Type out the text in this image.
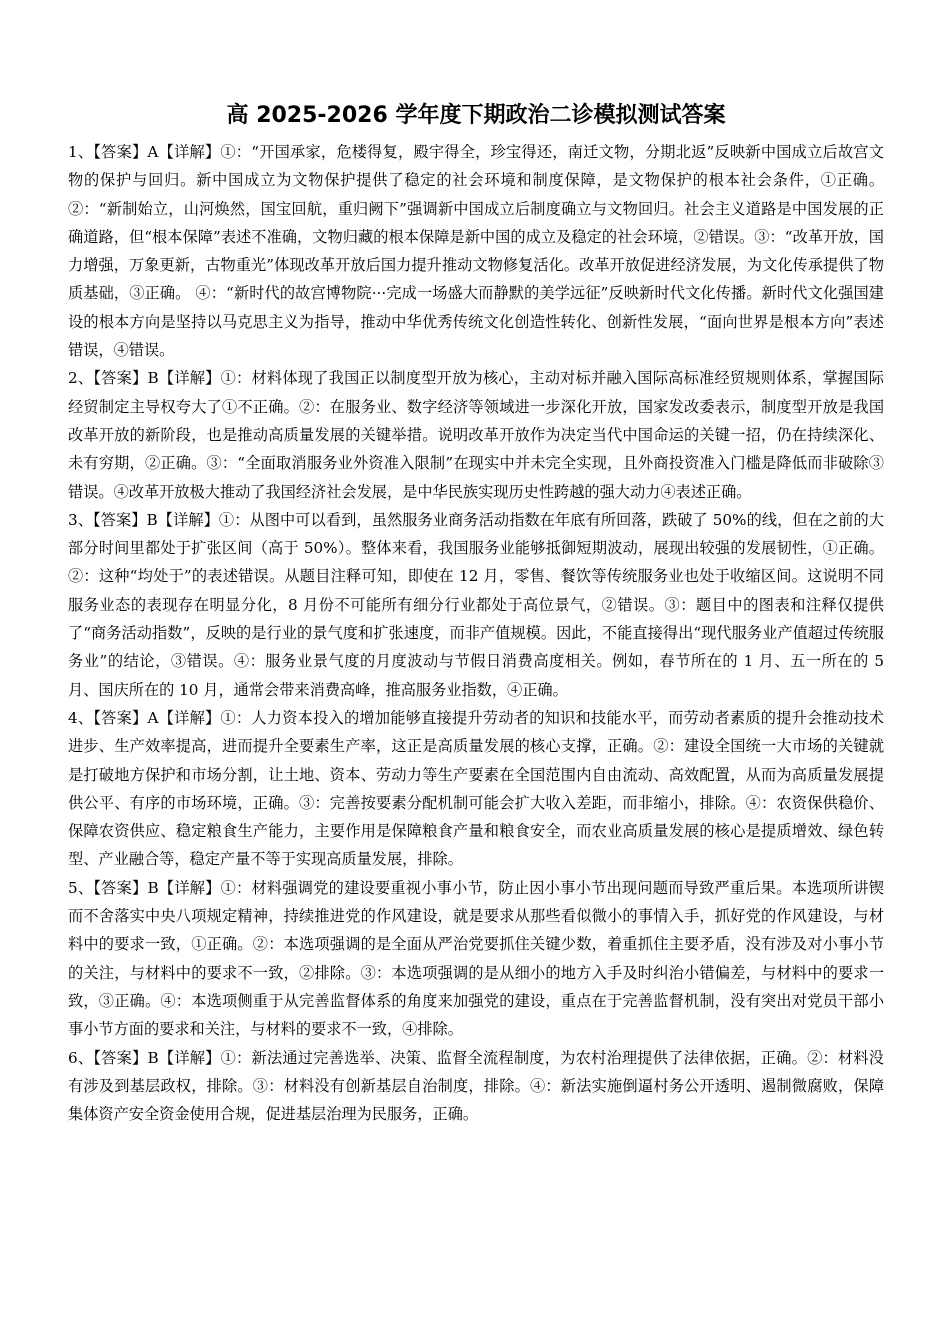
高 2025-2026 学年度下期政治二诊模拟测试答案

1、【答案】A【详解】①：“开国承家，危楼得复，殿宇得全，珍宝得还，南迁文物，分期北返”反映新中国成立后故宫文物的保护与回归。新中国成立为文物保护提供了稳定的社会环境和制度保障，是文物保护的根本社会条件，①正确。②：“新制始立，山河焕然，国宝回航，重归阙下”强调新中国成立后制度确立与文物回归。社会主义道路是中国发展的正确道路，但“根本保障”表述不准确，文物归藏的根本保障是新中国的成立及稳定的社会环境，②错误。③：“改革开放，国力增强，万象更新，古物重光”体现改革开放后国力提升推动文物修复活化。改革开放促进经济发展，为文化传承提供了物质基础，③正确。 ④：“新时代的故宫博物院···完成一场盛大而静默的美学远征”反映新时代文化传播。新时代文化强国建设的根本方向是坚持以马克思主义为指导，推动中华优秀传统文化创造性转化、创新性发展，“面向世界是根本方向”表述错误，④错误。

2、【答案】B【详解】①：材料体现了我国正以制度型开放为核心，主动对标并融入国际高标准经贸规则体系，掌握国际经贸制定主导权夸大了①不正确。②：在服务业、数字经济等领域进一步深化开放，国家发改委表示，制度型开放是我国改革开放的新阶段，也是推动高质量发展的关键举措。说明改革开放作为决定当代中国命运的关键一招，仍在持续深化、未有穷期，②正确。③：“全面取消服务业外资准入限制”在现实中并未完全实现，且外商投资准入门槛是降低而非破除③错误。④改革开放极大推动了我国经济社会发展，是中华民族实现历史性跨越的强大动力④表述正确。

3、【答案】B【详解】①：从图中可以看到，虽然服务业商务活动指数在年底有所回落，跌破了 50%的线，但在之前的大部分时间里都处于扩张区间（高于 50%）。整体来看，我国服务业能够抵御短期波动，展现出较强的发展韧性，①正确。②：这种“均处于”的表述错误。从题目注释可知，即使在 12 月，零售、餐饮等传统服务业也处于收缩区间。这说明不同服务业态的表现存在明显分化，8 月份不可能所有细分行业都处于高位景气，②错误。③：题目中的图表和注释仅提供了“商务活动指数”，反映的是行业的景气度和扩张速度，而非产值规模。因此，不能直接得出“现代服务业产值超过传统服务业”的结论，③错误。④：服务业景气度的月度波动与节假日消费高度相关。例如，春节所在的 1 月、五一所在的 5 月、国庆所在的 10 月，通常会带来消费高峰，推高服务业指数，④正确。

4、【答案】A【详解】①：人力资本投入的增加能够直接提升劳动者的知识和技能水平，而劳动者素质的提升会推动技术进步、生产效率提高，进而提升全要素生产率，这正是高质量发展的核心支撑，正确。②：建设全国统一大市场的关键就是打破地方保护和市场分割，让土地、资本、劳动力等生产要素在全国范围内自由流动、高效配置，从而为高质量发展提供公平、有序的市场环境，正确。③：完善按要素分配机制可能会扩大收入差距，而非缩小，排除。④：农资保供稳价、保障农资供应、稳定粮食生产能力，主要作用是保障粮食产量和粮食安全，而农业高质量发展的核心是提质增效、绿色转型、产业融合等，稳定产量不等于实现高质量发展，排除。

5、【答案】B【详解】①：材料强调党的建设要重视小事小节，防止因小事小节出现问题而导致严重后果。本选项所讲锲而不舍落实中央八项规定精神，持续推进党的作风建设，就是要求从那些看似微小的事情入手，抓好党的作风建设，与材料中的要求一致，①正确。②：本选项强调的是全面从严治党要抓住关键少数，着重抓住主要矛盾，没有涉及对小事小节的关注，与材料中的要求不一致，②排除。③：本选项强调的是从细小的地方入手及时纠治小错偏差，与材料中的要求一致，③正确。④：本选项侧重于从完善监督体系的角度来加强党的建设，重点在于完善监督机制，没有突出对党员干部小事小节方面的要求和关注，与材料的要求不一致，④排除。

6、【答案】B【详解】①：新法通过完善选举、决策、监督全流程制度，为农村治理提供了法律依据，正确。②：材料没有涉及到基层政权，排除。③：材料没有创新基层自治制度，排除。④：新法实施倒逼村务公开透明、遏制微腐败，保障集体资产安全资金使用合规，促进基层治理为民服务，正确。
